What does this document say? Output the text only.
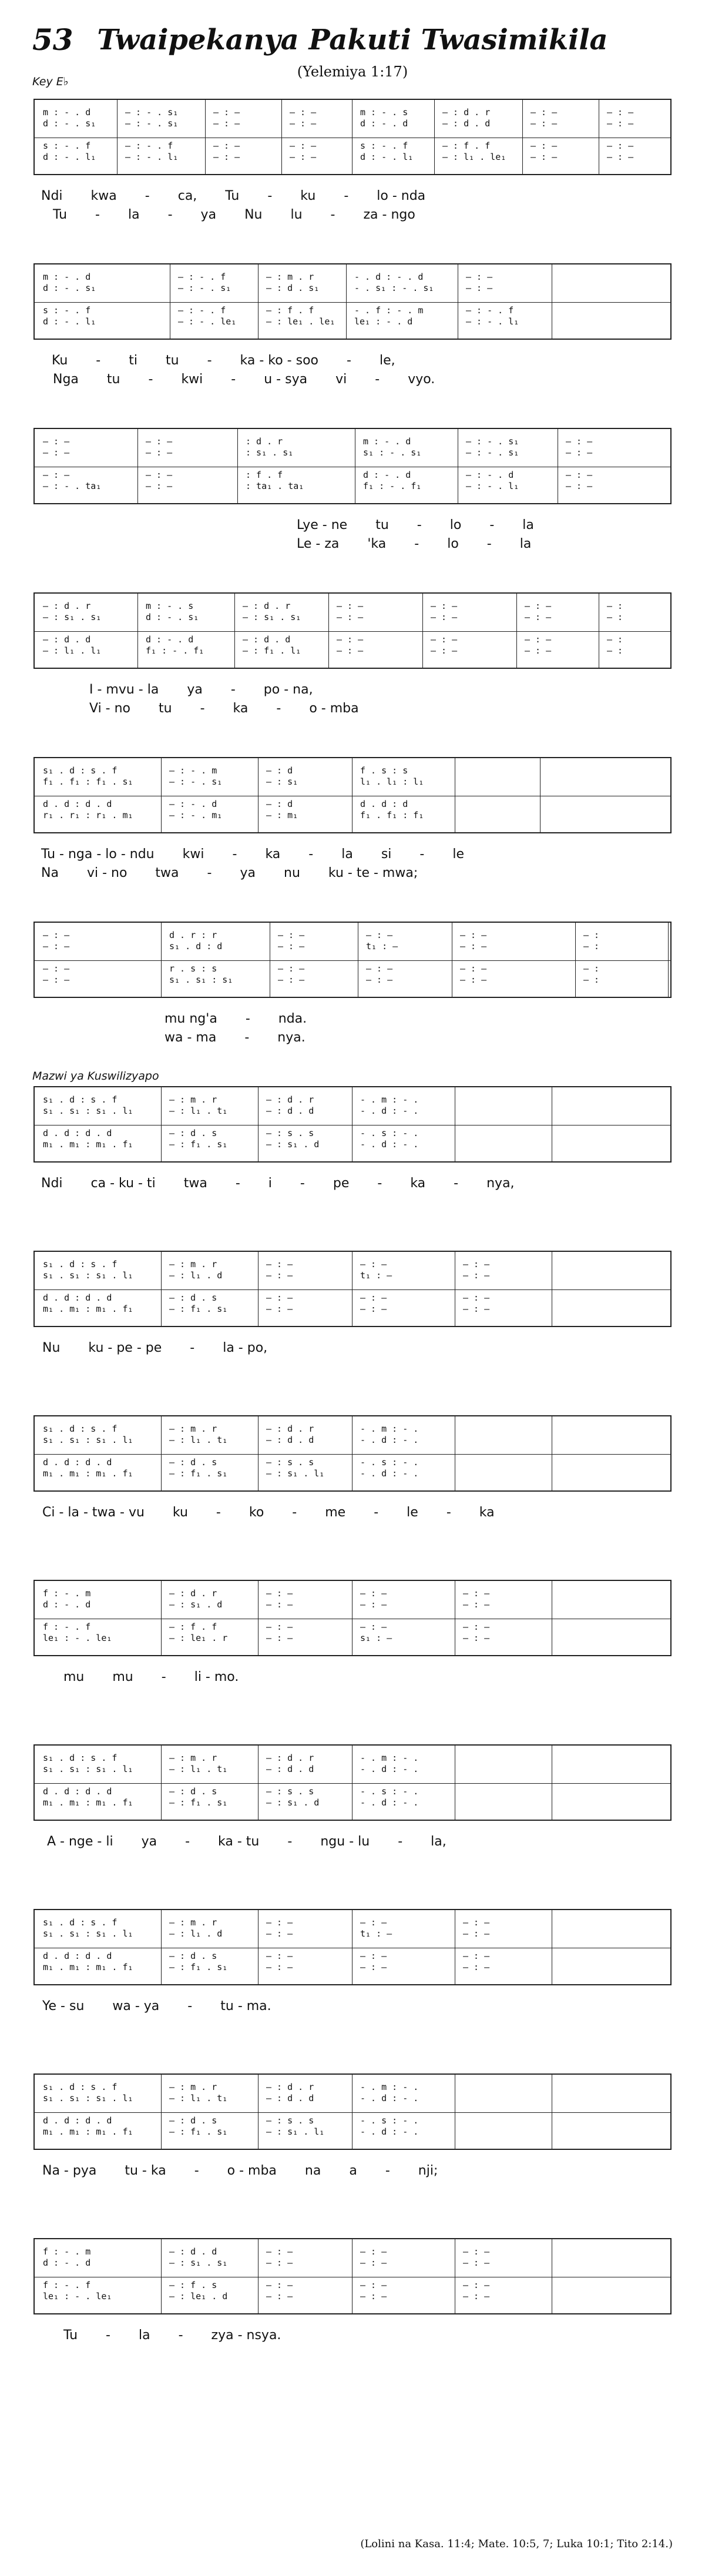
53 Twaipekanya Pakuti Twasimikila
(Yelemiya 1:17)
Key E♭
Mazwi ya Kuswilizyapo
m : - . d
d : - . s₁

s : - . f
d : - . l₁
— : - . s₁
— : - . s₁

— : - . f
— : - . l₁
— : —
— : —

— : —
— : —
— : —
— : —

— : —
— : —
m : - . s
d : - . d

s : - . f
d : - . l₁
— : d . r
— : d . d

— : f . f
— : l₁ . le₁
— : —
— : —

— : —
— : —
— : —
— : —

— : —
— : —
Ndi kwa - ca, Tu - ku - lo - nda
Tu - la - ya Nu lu - za - ngo
m : - . d
d : - . s₁

s : - . f
d : - . l₁
— : - . f
— : - . s₁

— : - . f
— : - . le₁
— : m . r
— : d . s₁

— : f . f
— : le₁ . le₁
- . d : - . d
- . s₁ : - . s₁

- . f : - . m
le₁ : - . d
— : —
— : —

— : - . f
— : - . l₁
Ku - ti tu - ka - ko - soo - le,
Nga tu - kwi - u - sya vi - vyo.
— : —
— : —

— : —
— : - . ta₁
— : —
— : —

— : —
— : —
: d . r
: s₁ . s₁

: f . f
: ta₁ . ta₁
m : - . d
s₁ : - . s₁

d : - . d
f₁ : - . f₁
— : - . s₁
— : - . s₁

— : - . d
— : - . l₁
— : —
— : —

— : —
— : —
Lye - ne tu - lo - la
Le - za 'ka - lo - la
— : d . r
— : s₁ . s₁

— : d . d
— : l₁ . l₁
m : - . s
d : - . s₁

d : - . d
f₁ : - . f₁
— : d . r
— : s₁ . s₁

— : d . d
— : f₁ . l₁
— : —
— : —

— : —
— : —
— : —
— : —

— : —
— : —
— : —
— : —

— : —
— : —
— :
— :

— :
— :
I - mvu - la ya - po - na,
Vi - no tu - ka - o - mba
s₁ . d : s . f
f₁ . f₁ : f₁ . s₁

d . d : d . d
r₁ . r₁ : r₁ . m₁
— : - . m
— : - . s₁

— : - . d
— : - . m₁
— : d
— : s₁

— : d
— : m₁
f . s : s
l₁ . l₁ : l₁

d . d : d
f₁ . f₁ : f₁
Tu - nga - lo - ndu kwi - ka - la si - le
Na vi - no twa - ya nu ku - te - mwa;
— : —
— : —

— : —
— : —
d . r : r
s₁ . d : d

r . s : s
s₁ . s₁ : s₁
— : —
— : —

— : —
— : —
— : —
t₁ : —

— : —
— : —
— : —
— : —

— : —
— : —
— :
— :

— :
— :
mu ng'a - nda.
wa - ma - nya.
s₁ . d : s . f
s₁ . s₁ : s₁ . l₁

d . d : d . d
m₁ . m₁ : m₁ . f₁
— : m . r
— : l₁ . t₁

— : d . s
— : f₁ . s₁
— : d . r
— : d . d

— : s . s
— : s₁ . d
- . m : - .
- . d : - .

- . s : - .
- . d : - .
Ndi ca - ku - ti twa - i - pe - ka - nya,
s₁ . d : s . f
s₁ . s₁ : s₁ . l₁

d . d : d . d
m₁ . m₁ : m₁ . f₁
— : m . r
— : l₁ . d

— : d . s
— : f₁ . s₁
— : —
— : —

— : —
— : —
— : —
t₁ : —

— : —
— : —
— : —
— : —

— : —
— : —
Nu ku - pe - pe - la - po,
s₁ . d : s . f
s₁ . s₁ : s₁ . l₁

d . d : d . d
m₁ . m₁ : m₁ . f₁
— : m . r
— : l₁ . t₁

— : d . s
— : f₁ . s₁
— : d . r
— : d . d

— : s . s
— : s₁ . l₁
- . m : - .
- . d : - .

- . s : - .
- . d : - .
Ci - la - twa - vu ku - ko - me - le - ka
f : - . m
d : - . d

f : - . f
le₁ : - . le₁
— : d . r
— : s₁ . d

— : f . f
— : le₁ . r
— : —
— : —

— : —
— : —
— : —
— : —

— : —
s₁ : —
— : —
— : —

— : —
— : —
mu mu - li - mo.
s₁ . d : s . f
s₁ . s₁ : s₁ . l₁

d . d : d . d
m₁ . m₁ : m₁ . f₁
— : m . r
— : l₁ . t₁

— : d . s
— : f₁ . s₁
— : d . r
— : d . d

— : s . s
— : s₁ . d
- . m : - .
- . d : - .

- . s : - .
- . d : - .
A - nge - li ya - ka - tu - ngu - lu - la,
s₁ . d : s . f
s₁ . s₁ : s₁ . l₁

d . d : d . d
m₁ . m₁ : m₁ . f₁
— : m . r
— : l₁ . d

— : d . s
— : f₁ . s₁
— : —
— : —

— : —
— : —
— : —
t₁ : —

— : —
— : —
— : —
— : —

— : —
— : —
Ye - su wa - ya - tu - ma.
s₁ . d : s . f
s₁ . s₁ : s₁ . l₁

d . d : d . d
m₁ . m₁ : m₁ . f₁
— : m . r
— : l₁ . t₁

— : d . s
— : f₁ . s₁
— : d . r
— : d . d

— : s . s
— : s₁ . l₁
- . m : - .
- . d : - .

- . s : - .
- . d : - .
Na - pya tu - ka - o - mba na a - nji;
f : - . m
d : - . d

f : - . f
le₁ : - . le₁
— : d . d
— : s₁ . s₁

— : f . s
— : le₁ . d
— : —
— : —

— : —
— : —
— : —
— : —

— : —
— : —
— : —
— : —

— : —
— : —
Tu - la - zya - nsya.
(Lolini na Kasa. 11:4; Mate. 10:5, 7; Luka 10:1; Tito 2:14.)
